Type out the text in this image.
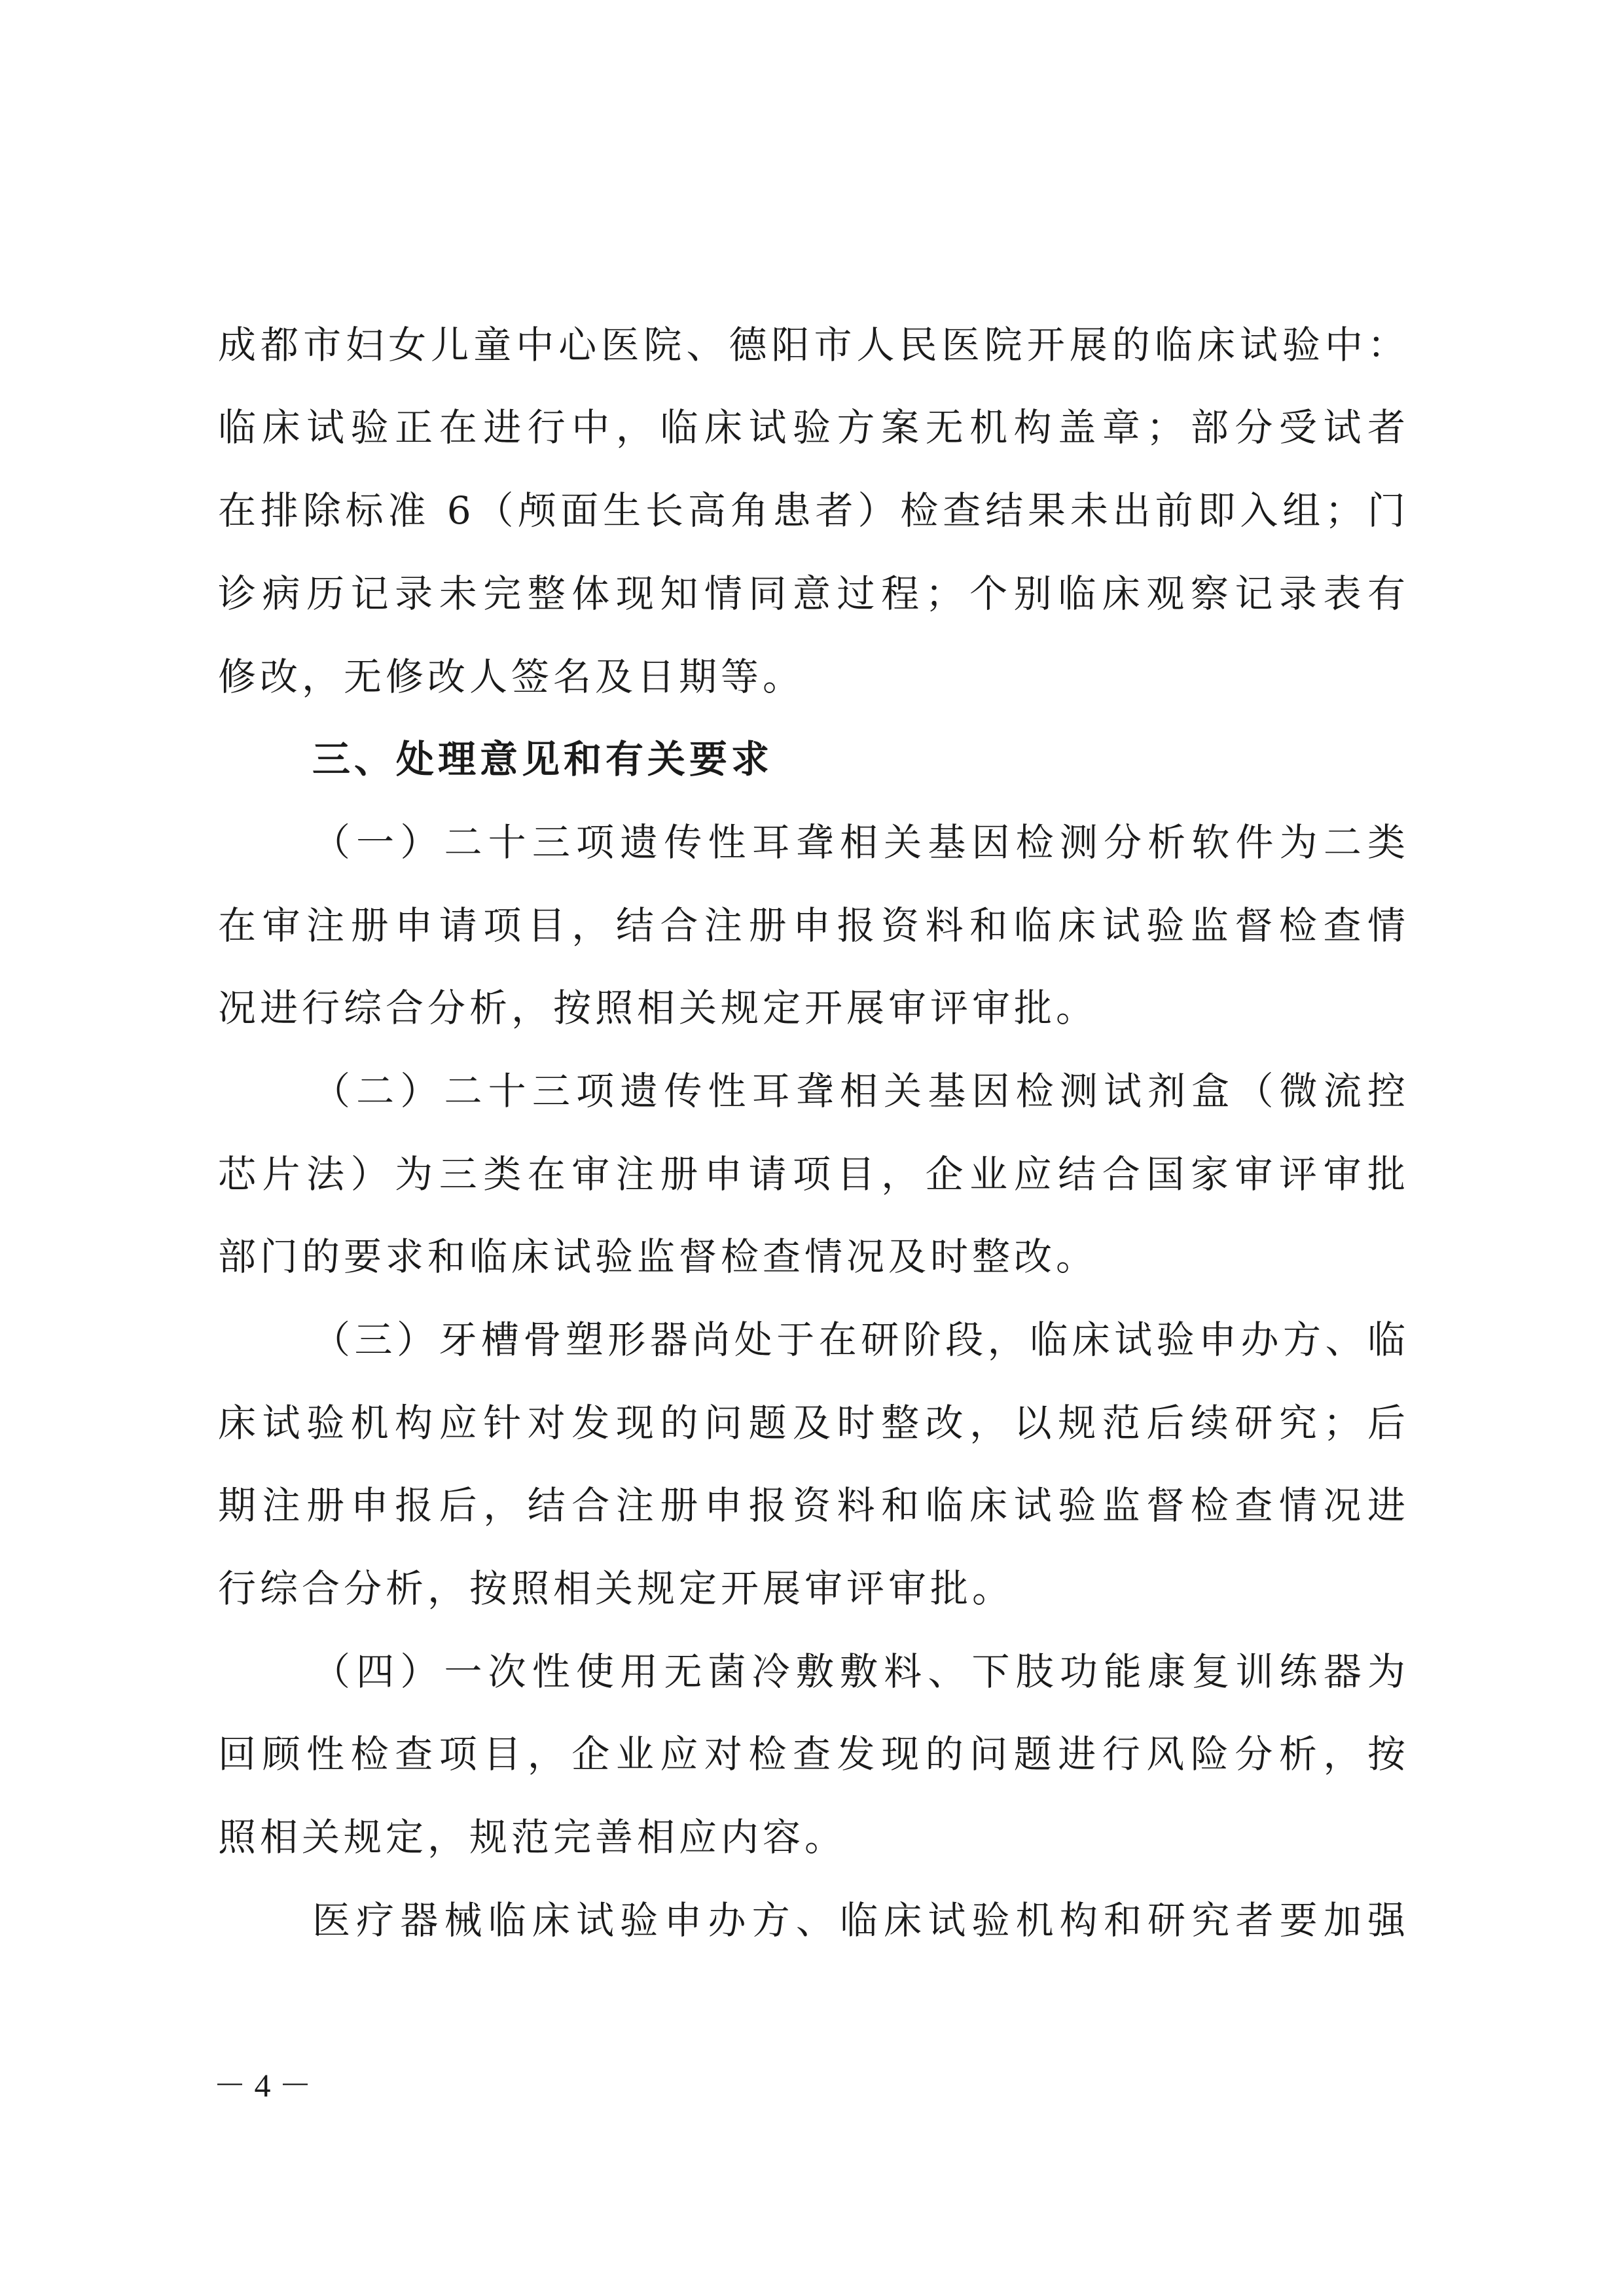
成都市妇女儿童中心医院、德阳市人民医院开展的临床试验中：
临床试验正在进行中，临床试验方案无机构盖章；部分受试者
在排除标准 6（颅面生长高角患者）检查结果未出前即入组；门
诊病历记录未完整体现知情同意过程；个别临床观察记录表有
修改，无修改人签名及日期等。
三、处理意见和有关要求
（一）二十三项遗传性耳聋相关基因检测分析软件为二类
在审注册申请项目，结合注册申报资料和临床试验监督检查情
况进行综合分析，按照相关规定开展审评审批。
（二）二十三项遗传性耳聋相关基因检测试剂盒（微流控
芯片法）为三类在审注册申请项目，企业应结合国家审评审批
部门的要求和临床试验监督检查情况及时整改。
（三）牙槽骨塑形器尚处于在研阶段，临床试验申办方、临
床试验机构应针对发现的问题及时整改，以规范后续研究；后
期注册申报后，结合注册申报资料和临床试验监督检查情况进
行综合分析，按照相关规定开展审评审批。
（四）一次性使用无菌冷敷敷料、下肢功能康复训练器为
回顾性检查项目，企业应对检查发现的问题进行风险分析，按
照相关规定，规范完善相应内容。
医疗器械临床试验申办方、临床试验机构和研究者要加强
－ 4 －
